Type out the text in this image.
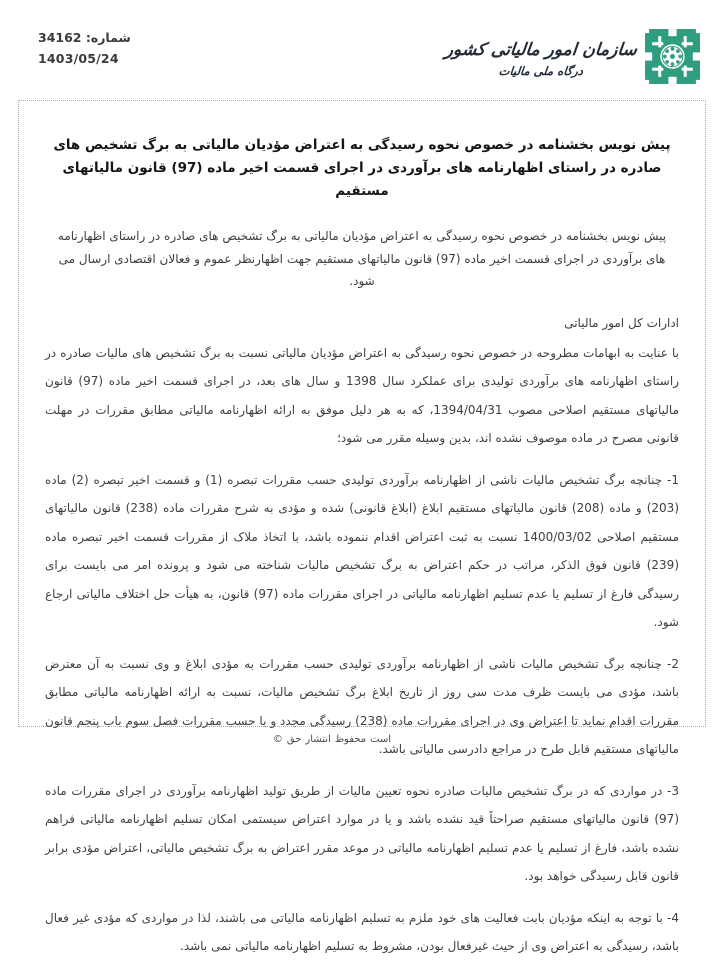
شماره: 34162
1403/05/24	سازمان امور مالیاتی کشور
درگاه ملی مالیات
پیش نویس بخشنامه در خصوص نحوه رسیدگی به اعتراض مؤدیان مالیاتی به برگ تشخیص های صادره در راستای اظهارنامه های برآوردی در اجرای قسمت اخیر ماده (97) قانون مالیاتهای مستقیم

پیش نویس بخشنامه در خصوص نحوه رسیدگی به اعتراض مؤدیان مالیاتی به برگ تشخیص های صادره در راستای اظهارنامه های برآوردی در اجرای قسمت اخیر ماده (97) قانون مالیاتهای مستقیم جهت اظهارنظر عموم و فعالان اقتصادی ارسال می شود.

ادارات کل امور مالیاتی

با عنایت به ابهامات مطروحه در خصوص نحوه رسیدگی به اعتراض مؤدیان مالیاتی نسبت به برگ تشخیص های مالیات صادره در راستای اظهارنامه های برآوردی تولیدی برای عملکرد سال 1398 و سال های بعد، در اجرای قسمت اخیر ماده (97) قانون مالیاتهای مستقیم اصلاحی مصوب 1394/04/31، که به هر دلیل موفق به ارائه اظهارنامه مالیاتی مطابق مقررات در مهلت قانونی مصرح در ماده موصوف نشده اند، بدین وسیله مقرر می شود؛

1- چنانچه برگ تشخیص مالیات ناشی از اظهارنامه برآوردی تولیدی حسب مقررات تبصره (1) و قسمت اخیر تبصره (2) ماده (203) و ماده (208) قانون مالیاتهای مستقیم ابلاغ (ابلاغ قانونی) شده و مؤدی به شرح مقررات ماده (238) قانون مالیاتهای مستقیم اصلاحی 1400/03/02 نسبت به ثبت اعتراض اقدام ننموده باشد، با اتخاذ ملاک از مقررات قسمت اخیر تبصره ماده (239) قانون فوق الذکر، مراتب در حکم اعتراض به برگ تشخیص مالیات شناخته می شود و پرونده امر می بایست برای رسیدگی فارغ از تسلیم یا عدم تسلیم اظهارنامه مالیاتی در اجرای مقررات ماده (97) قانون، به هیأت حل اختلاف مالیاتی ارجاع شود.

2- چنانچه برگ تشخیص مالیات ناشی از اظهارنامه برآوردی تولیدی حسب مقررات به مؤدی ابلاغ و وی نسبت به آن معترض باشد، مؤدی می بایست ظرف مدت سی روز از تاریخ ابلاغ برگ تشخیص مالیات، نسبت به ارائه اظهارنامه مالیاتی مطابق مقررات اقدام نماید تا اعتراض وی در اجرای مقررات ماده (238) رسیدگی مجدد و یا حسب مقررات فصل سوم باب پنجم قانون مالیاتهای مستقیم قابل طرح در مراجع دادرسی مالیاتی باشد.

3- در مواردی که در برگ تشخیص مالیات صادره نحوه تعیین مالیات از طریق تولید اظهارنامه برآوردی در اجرای مقررات ماده (97) قانون مالیاتهای مستقیم صراحتاً قید نشده باشد و یا در موارد اعتراض سیستمی امکان تسلیم اظهارنامه مالیاتی فراهم نشده باشد، فارغ از تسلیم یا عدم تسلیم اظهارنامه مالیاتی در موعد مقرر اعتراض به برگ تشخیص مالیاتی، اعتراض مؤدی برابر قانون قابل رسیدگی خواهد بود.

4- با توجه به اینکه مؤدیان بابت فعالیت های خود ملزم به تسلیم اظهارنامه مالیاتی می باشند، لذا در مواردی که مؤدی غیر فعال باشد، رسیدگی به اعتراض وی از حیث غیرفعال بودن، مشروط به تسلیم اظهارنامه مالیاتی نمی باشد.

© حق انتشار محفوظ است
